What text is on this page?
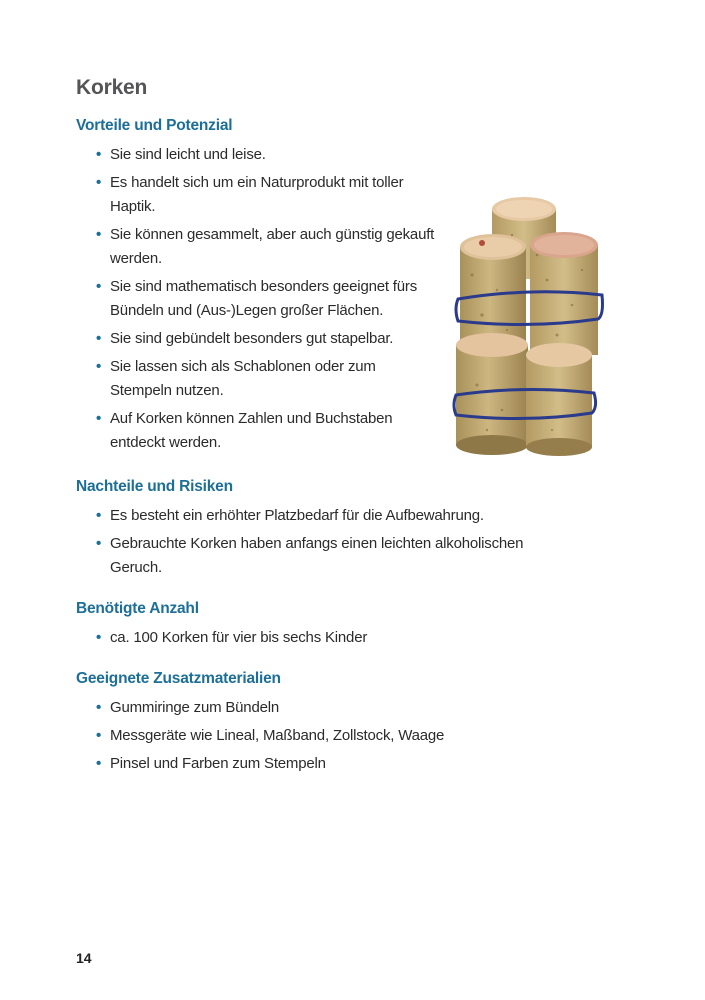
Korken
Vorteile und Potenzial
• Sie sind leicht und leise.
• Es handelt sich um ein Naturprodukt mit toller Haptik.
• Sie können gesammelt, aber auch günstig gekauft werden.
• Sie sind mathematisch besonders geeignet fürs Bündeln und (Aus-)Legen großer Flächen.
• Sie sind gebündelt besonders gut stapelbar.
• Sie lassen sich als Schablonen oder zum Stempeln nutzen.
• Auf Korken können Zahlen und Buchstaben entdeckt werden.
Nachteile und Risiken
• Es besteht ein erhöhter Platzbedarf für die Aufbewahrung.
• Gebrauchte Korken haben anfangs einen leichten alkoholischen Geruch.
Benötigte Anzahl
• ca. 100 Korken für vier bis sechs Kinder
Geeignete Zusatzmaterialien
• Gummiringe zum Bündeln
• Messgeräte wie Lineal, Maßband, Zollstock, Waage
• Pinsel und Farben zum Stempeln
14
